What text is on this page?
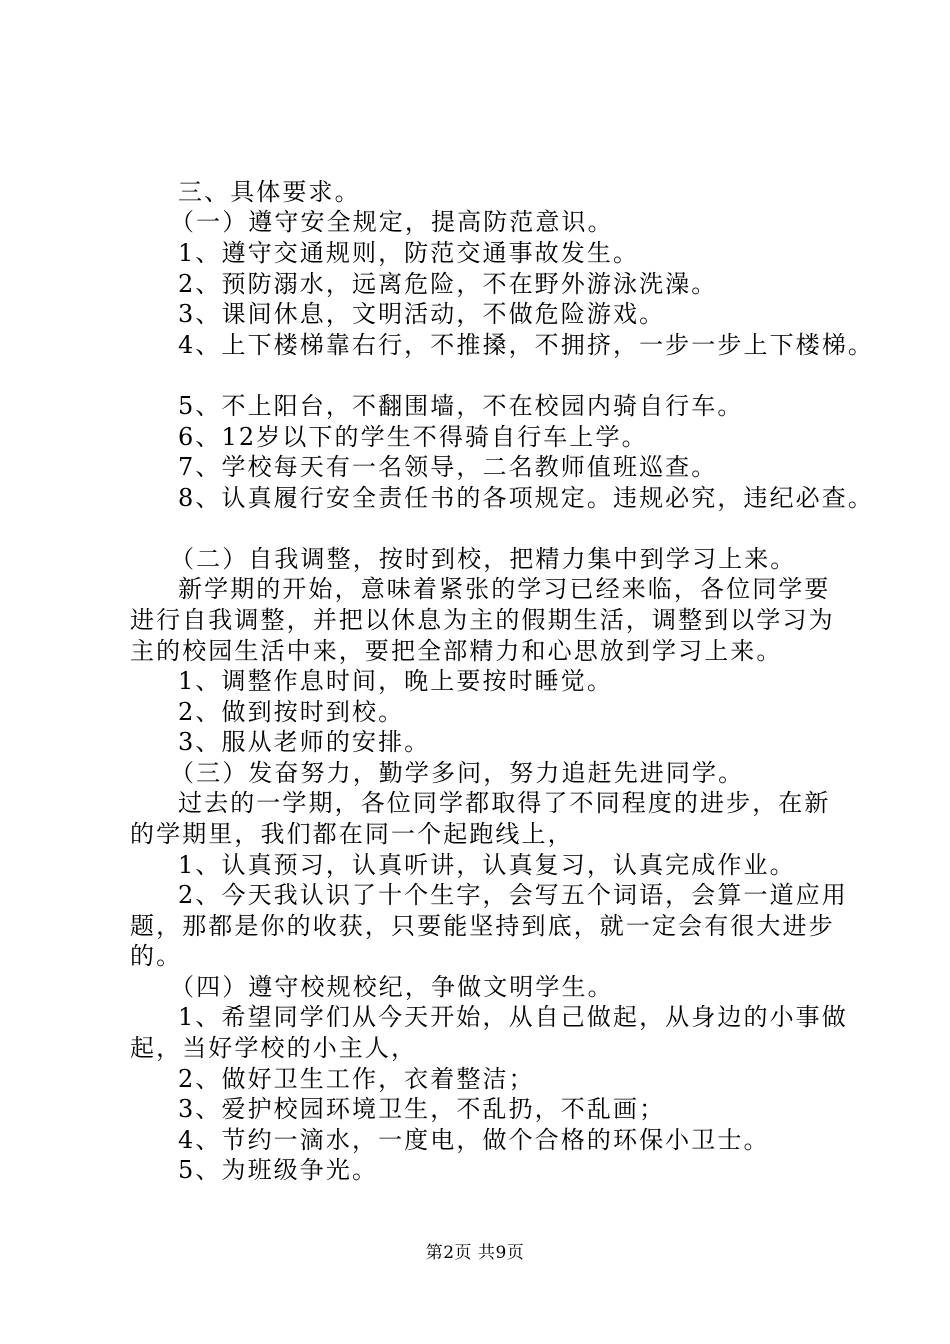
三、具体要求。
（一）遵守安全规定，提高防范意识。
1、遵守交通规则，防范交通事故发生。
2、预防溺水，远离危险，不在野外游泳洗澡。
3、课间休息，文明活动，不做危险游戏。
4、上下楼梯靠右行，不推搡，不拥挤，一步一步上下楼梯。
5、不上阳台，不翻围墙，不在校园内骑自行车。
6、12岁以下的学生不得骑自行车上学。
7、学校每天有一名领导，二名教师值班巡查。
8、认真履行安全责任书的各项规定。违规必究，违纪必查。
（二）自我调整，按时到校，把精力集中到学习上来。
新学期的开始，意味着紧张的学习已经来临，各位同学要
进行自我调整，并把以休息为主的假期生活，调整到以学习为
主的校园生活中来，要把全部精力和心思放到学习上来。
1、调整作息时间，晚上要按时睡觉。
2、做到按时到校。
3、服从老师的安排。
（三）发奋努力，勤学多问，努力追赶先进同学。
过去的一学期，各位同学都取得了不同程度的进步，在新
的学期里，我们都在同一个起跑线上，
1、认真预习，认真听讲，认真复习，认真完成作业。
2、今天我认识了十个生字，会写五个词语，会算一道应用
题，那都是你的收获，只要能坚持到底，就一定会有很大进步
的。
（四）遵守校规校纪，争做文明学生。
1、希望同学们从今天开始，从自己做起，从身边的小事做
起，当好学校的小主人，
2、做好卫生工作，衣着整洁；
3、爱护校园环境卫生，不乱扔，不乱画；
4、节约一滴水，一度电，做个合格的环保小卫士。
5、为班级争光。
第2页 共9页
